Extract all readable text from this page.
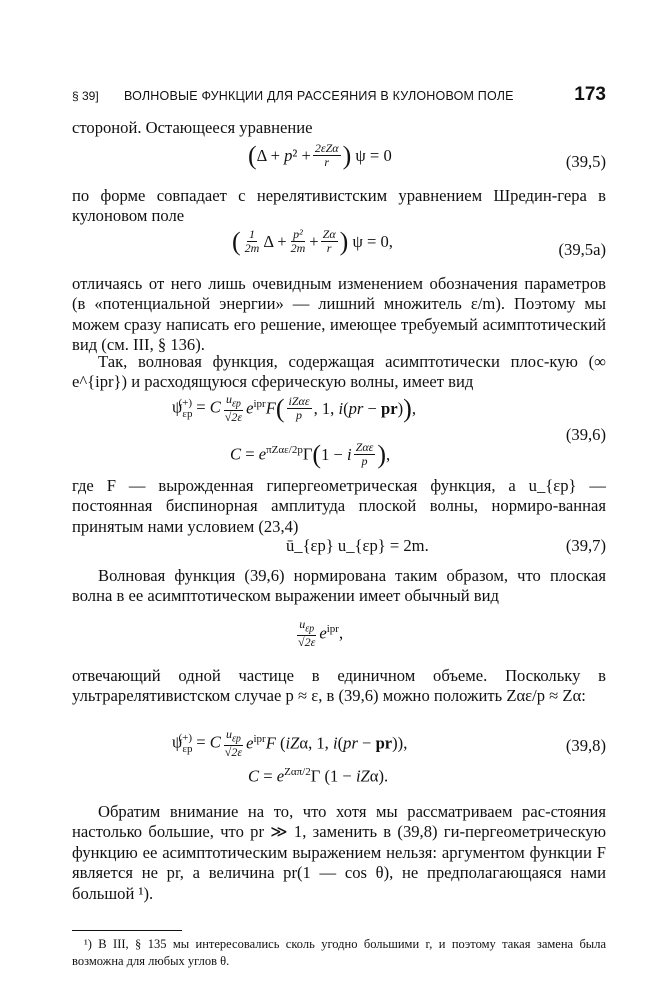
§ 39] ВОЛНОВЫЕ ФУНКЦИИ ДЛЯ РАССЕЯНИЯ В КУЛОНОВОМ ПОЛЕ	173

стороной. Остающееся уравнение

( $\Delta + p^2 + \frac{\text{2εZα}}{r}$ ) ψ = 0	(39,5)

по форме совпадает с нерелятивистским уравнением Шредин-гера в кулоновом поле

( $\frac{1}{2m}$ $\Delta + \frac{\text{p²}}{2m} + \frac{Z\alpha}{r}$ ) ψ = 0,	(39,5a)

отличаясь от него лишь очевидным изменением обозначения параметров (в «потенциальной энергии» — лишний множитель ε/m). Поэтому мы можем сразу написать его решение, имеющее требуемый асимптотический вид (см. III, § 136).

Так, волновая функция, содержащая асимптотически плос-кую (∞ e^{ipr}) и расходящуюся сферическую волны, имеет вид

$\psi_{\varepsilon p}^{(+)} = C \frac{u_{\varepsilon p}}{√2\varepsilon} e^{ipr}F$ ( $\frac{\text{iZαε}}{p}$ , 1, i(pr − pr) ) ,
$C = e^{\pi Z\alpha\varepsilon/2p}\Gamma$ ( 1 − i $\frac{\text{Zαε}}{p}$ ) ,
(39,6)

где F — вырожденная гипергеометрическая функция, а u_{εp} — постоянная биспинорная амплитуда плоской волны, нормиро-ванная принятым нами условием (23,4)

ū_{εp} u_{εp} = 2m.	(39,7)

Волновая функция (39,6) нормирована таким образом, что плоская волна в ее асимптотическом выражении имеет обычный вид

$\frac{u_{\varepsilon p}}{√2\varepsilon} e^{ipr}$,

отвечающий одной частице в единичном объеме. Поскольку в ультрарелятивистском случае p ≈ ε, в (39,6) можно положить Zαε/p ≈ Zα:

$\psi_{\varepsilon p}^{(+)} = C \frac{u_{\varepsilon p}}{√2\varepsilon} e^{ipr}F$ (iZα, 1, i(pr − pr)),
$C = e^{Z\alpha\pi/2}\Gamma$ (1 − iZα).
(39,8)

Обратим внимание на то, что хотя мы рассматриваем рас-стояния настолько большие, что pr ≫ 1, заменить в (39,8) ги-пергеометрическую функцию ее асимптотическим выражением нельзя: аргументом функции F является не pr, а величина pr(1 — cos θ), не предполагающаяся нами большой ¹).

¹) В III, § 135 мы интересовались сколь угодно большими r, и поэтому такая замена была возможна для любых углов θ.
